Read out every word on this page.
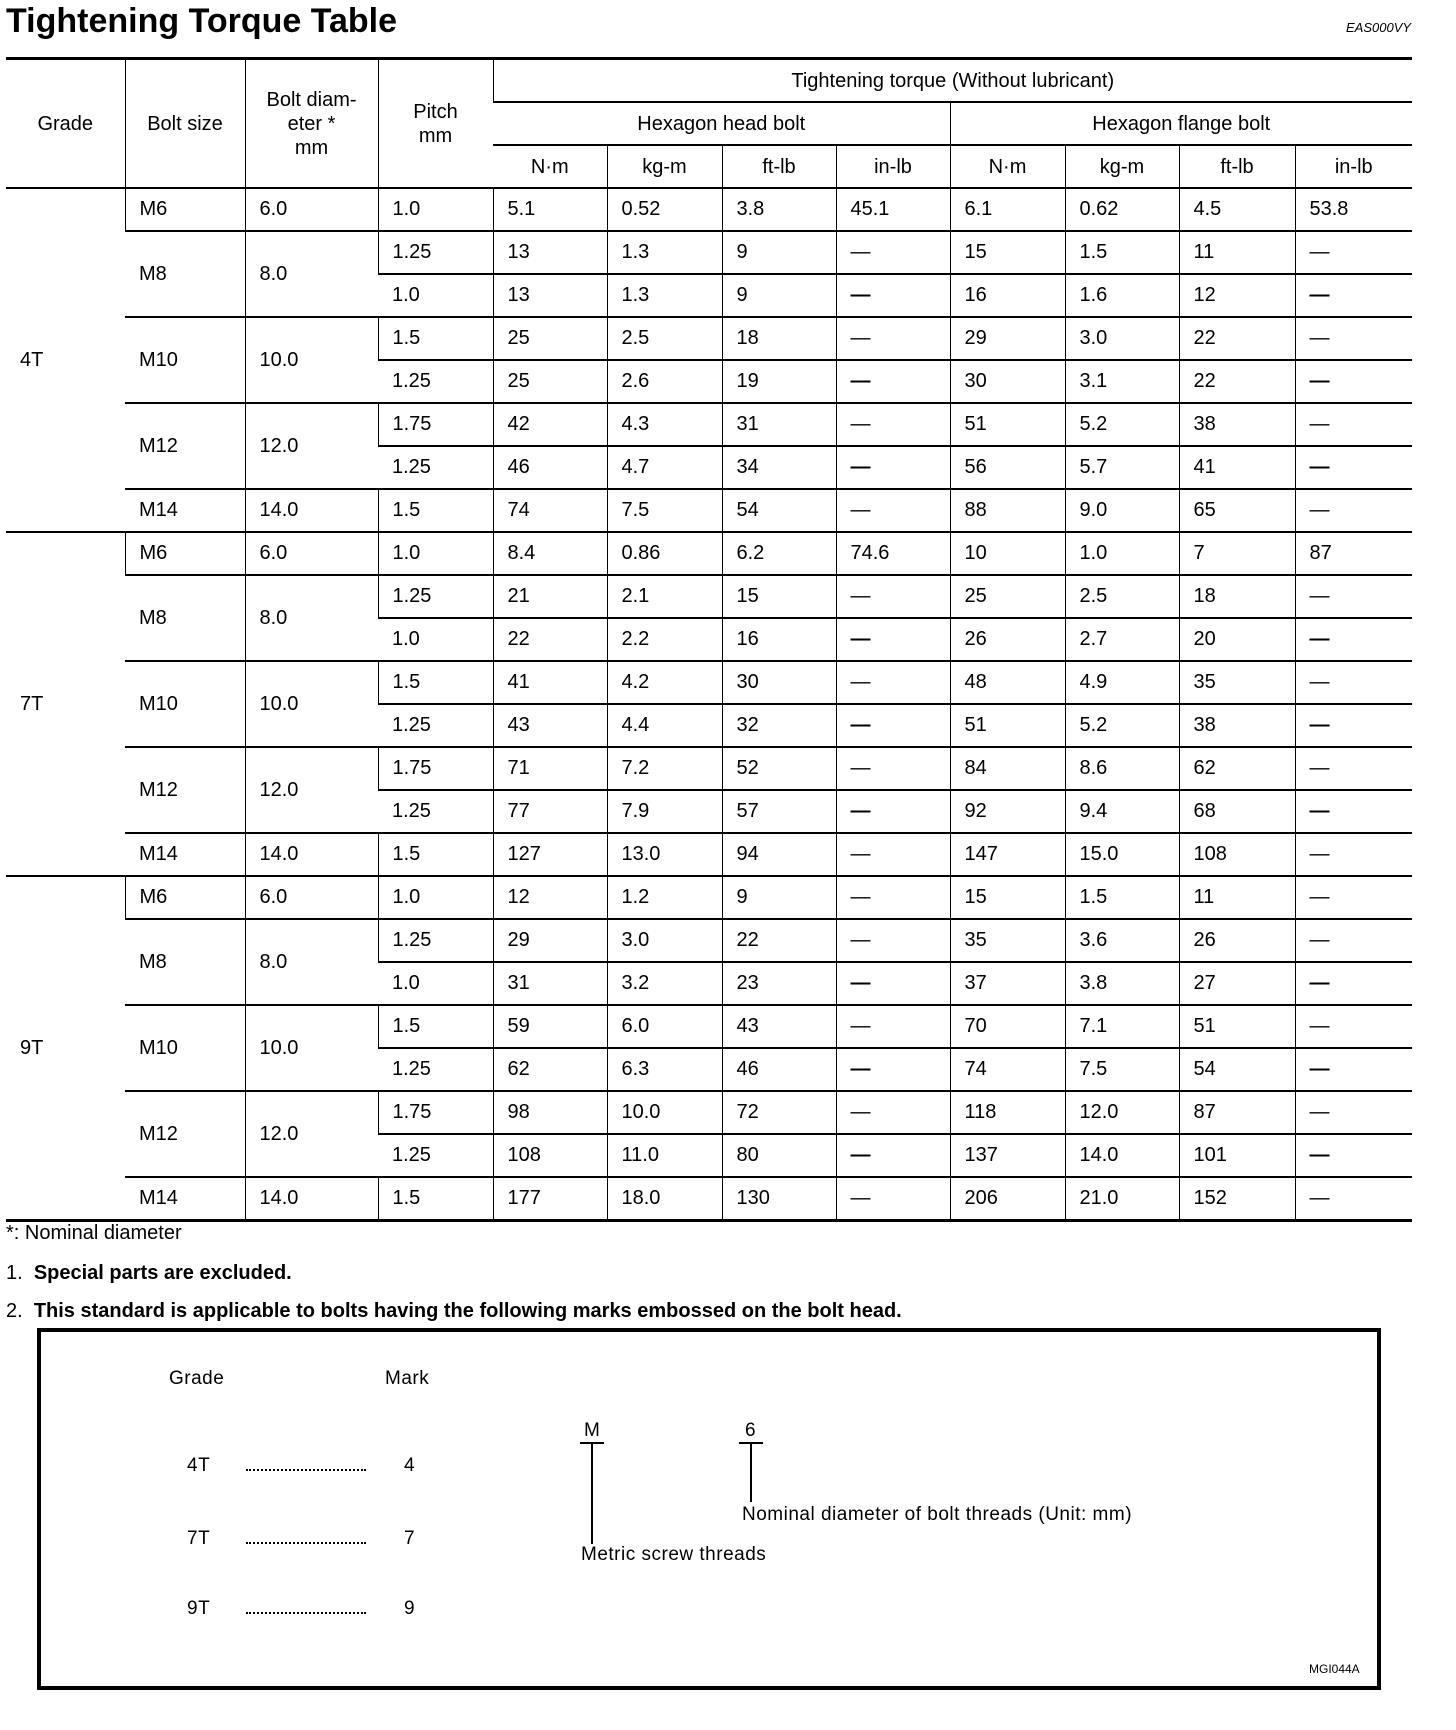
Tightening Torque Table	EAS000VY
Grade	Bolt size	Bolt diam-
eter *
mm	Pitch
mm	Tightening torque (Without lubricant)							
				Hexagon head bolt				Hexagon flange bolt			
				N·m	kg-m	ft-lb	in-lb	N·m	kg-m	ft-lb	in-lb
4T	M6	6.0	1.0	5.1	0.52	3.8	45.1	6.1	0.62	4.5	53.8
	M8	8.0	1.25	13	1.3	9	—	15	1.5	11	—
			1.0	13	1.3	9	—	16	1.6	12	—
	M10	10.0	1.5	25	2.5	18	—	29	3.0	22	—
			1.25	25	2.6	19	—	30	3.1	22	—
	M12	12.0	1.75	42	4.3	31	—	51	5.2	38	—
			1.25	46	4.7	34	—	56	5.7	41	—
	M14	14.0	1.5	74	7.5	54	—	88	9.0	65	—
7T	M6	6.0	1.0	8.4	0.86	6.2	74.6	10	1.0	7	87
	M8	8.0	1.25	21	2.1	15	—	25	2.5	18	—
			1.0	22	2.2	16	—	26	2.7	20	—
	M10	10.0	1.5	41	4.2	30	—	48	4.9	35	—
			1.25	43	4.4	32	—	51	5.2	38	—
	M12	12.0	1.75	71	7.2	52	—	84	8.6	62	—
			1.25	77	7.9	57	—	92	9.4	68	—
	M14	14.0	1.5	127	13.0	94	—	147	15.0	108	—
9T	M6	6.0	1.0	12	1.2	9	—	15	1.5	11	—
	M8	8.0	1.25	29	3.0	22	—	35	3.6	26	—
			1.0	31	3.2	23	—	37	3.8	27	—
	M10	10.0	1.5	59	6.0	43	—	70	7.1	51	—
			1.25	62	6.3	46	—	74	7.5	54	—
	M12	12.0	1.75	98	10.0	72	—	118	12.0	87	—
			1.25	108	11.0	80	—	137	14.0	101	—
	M14	14.0	1.5	177	18.0	130	—	206	21.0	152	—
*: Nominal diameter
1. Special parts are excluded.
2. This standard is applicable to bolts having the following marks embossed on the bolt head.
Grade	Mark
4T	4
7T	7
9T	9
M	6
Nominal diameter of bolt threads (Unit: mm)
Metric screw threads
MGI044A
